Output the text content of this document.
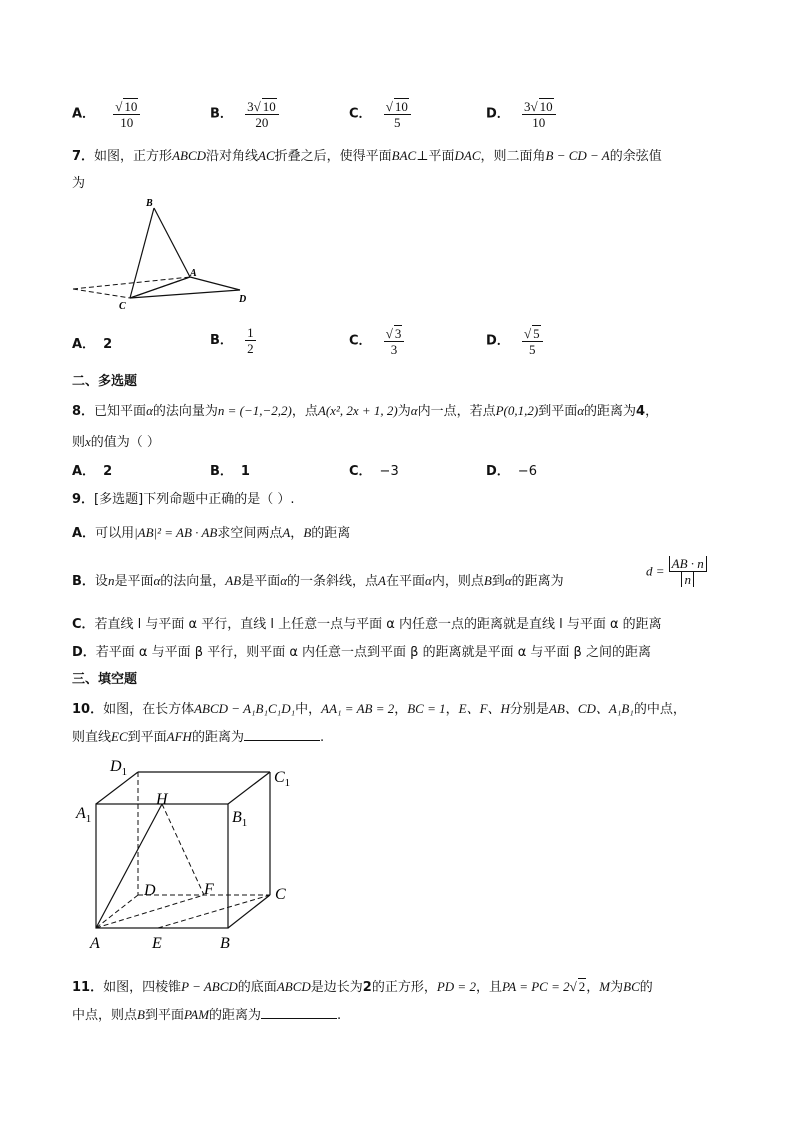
A． $\frac{√ 10}{10}$	B． $\frac{3√ 10}{20}$	C． $\frac{√ 10}{5}$	D． $\frac{3√ 10}{10}$
7．如图，正方形ABCD沿对角线AC折叠之后，使得平面BAC⊥平面DAC，则二面角B − CD − A的余弦值
为
B
A
C
D
A． 2	B． $\frac{1}{2}$	C． $\frac{√ 3}{3}$	D． $\frac{√ 5}{5}$
二、多选题
8．已知平面α的法向量为n = (−1,−2,2)，点A(x², 2x + 1, 2)为α内一点，若点P(0,1,2)到平面α的距离为4，
则x的值为（ ）
A． 2	B． 1	C． −3	D． −6
9．[多选题]下列命题中正确的是（ ）.
A．可以用|AB|² = AB · AB求空间两点A，B的距离
B．设n是平面α的法向量，AB是平面α的一条斜线，点A在平面α内，则点B到α的距离为
$d = \frac{AB \cdot n}{n}$
C．若直线 l 与平面 α 平行，直线 l 上任意一点与平面 α 内任意一点的距离就是直线 l 与平面 α 的距离
D．若平面 α 与平面 β 平行，则平面 α 内任意一点到平面 β 的距离就是平面 α 与平面 β 之间的距离
三、填空题
10．如图，在长方体ABCD − A₁B₁C₁D₁中，AA₁ = AB = 2，BC = 1，E、F、H分别是AB、CD、A₁B₁的中点，
则直线EC到平面AFH的距离为	.
$D_1$	$C_1$
$A_1$	$B_1$
H
D	F	C
A	E	B
11．如图，四棱锥P − ABCD的底面ABCD是边长为2的正方形，PD = 2，且PA = PC = 2√ 2，M为BC的
中点，则点B到平面PAM的距离为	.
